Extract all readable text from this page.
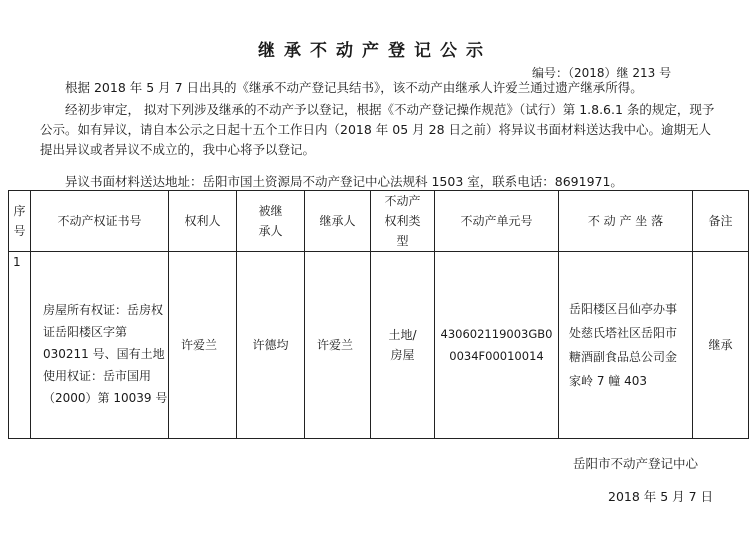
继承不动产登记公示
编号：（2018）继 213 号

根据 2018 年 5 月 7 日出具的《继承不动产登记具结书》，该不动产由继承人许爱兰通过遗产继承所得。

经初步审定， 拟对下列涉及继承的不动产予以登记，根据《不动产登记操作规范》（试行）第 1.8.6.1 条的规定，现予公示。如有异议，请自本公示之日起十五个工作日内（2018 年 05 月 28 日之前）将异议书面材料送达我中心。逾期无人提出异议或者异议不成立的，我中心将予以登记。

异议书面材料送达地址：岳阳市国土资源局不动产登记中心法规科 1503 室，联系电话：8691971。

序号	不动产权证书号	权利人	被继承人	继承人	不动产权利类型	不动产单元号	不 动 产 坐 落	备注
1	房屋所有权证：岳房权证岳阳楼区字第 030211 号、国有土地使用权证：岳市国用（2000）第 10039 号	许爱兰	许德均	许爱兰	土地/房屋	430602119003GB00034F00010014	岳阳楼区吕仙亭办事处慈氏塔社区岳阳市糖酒副食品总公司金家岭 7 幢 403	继承
岳阳市不动产登记中心
2018 年 5 月 7 日
